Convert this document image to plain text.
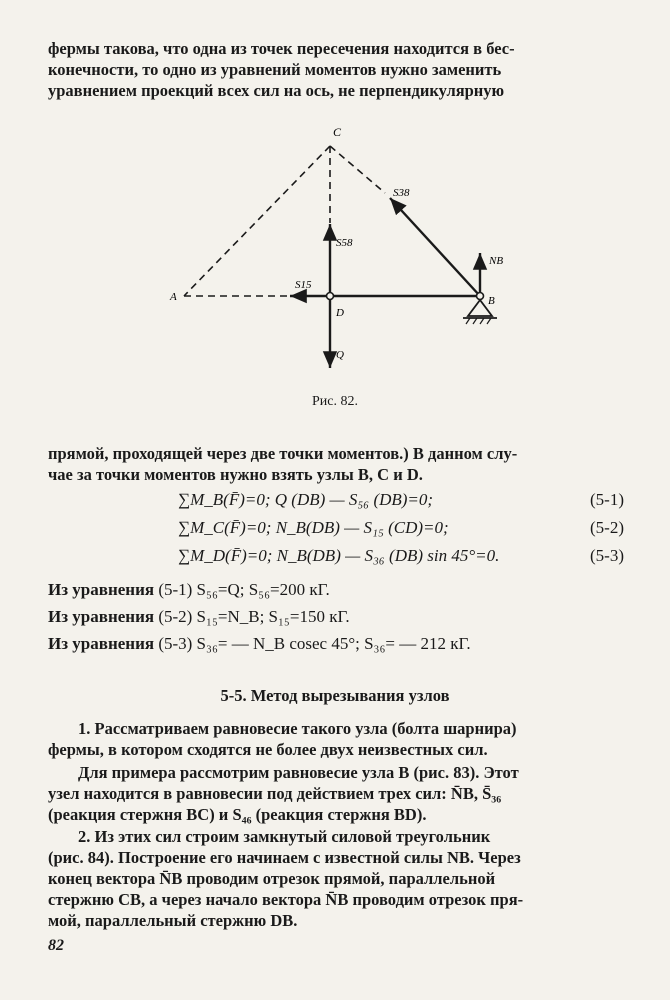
фермы такова, что одна из точек пересечения находится в бес-
конечности, то одно из уравнений моментов нужно заменить
уравнением проекций всех сил на ось, не перпендикулярную
C
A
D
B
S38
S58
S15
NB
Q
Рис. 82.
прямой, проходящей через две точки моментов.) В данном слу-
чае за точки моментов нужно взять узлы B, C и D.
∑M_B(F̄)=0; Q (DB) — S₅₆ (DB)=0;	(5-1)
∑M_C(F̄)=0; N_B(DB) — S₁₅ (CD)=0;	(5-2)
∑M_D(F̄)=0; N_B(DB) — S₃₆ (DB) sin 45°=0.	(5-3)
Из уравнения (5-1) S₅₆=Q; S₅₆=200 кГ.
Из уравнения (5-2) S₁₅=N_B; S₁₅=150 кГ.
Из уравнения (5-3) S₃₆= — N_B cosec 45°; S₃₆= — 212 кГ.
5-5. Метод вырезывания узлов
1. Рассматриваем равновесие такого узла (болта шарнира)
фермы, в котором сходятся не более двух неизвестных сил.
Для примера рассмотрим равновесие узла B (рис. 83). Этот
узел находится в равновесии под действием трех сил: N̄B, S̄₃₆
(реакция стержня BC) и S₄₆ (реакция стержня BD).
2. Из этих сил строим замкнутый силовой треугольник
(рис. 84). Построение его начинаем с известной силы NB. Через
конец вектора N̄B проводим отрезок прямой, параллельной
стержню CB, а через начало вектора N̄B проводим отрезок пря-
мой, параллельный стержню DB.
82
